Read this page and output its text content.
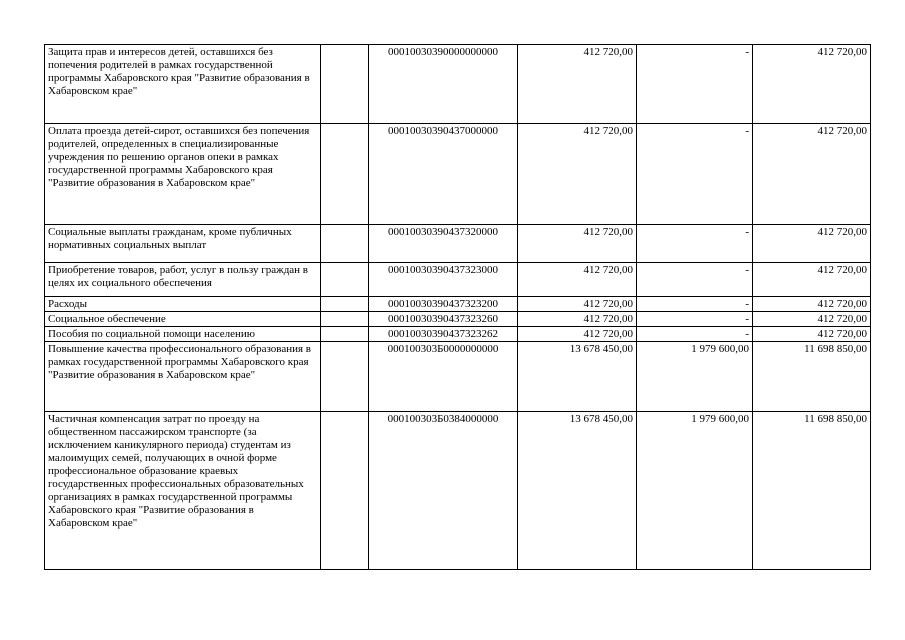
Защита прав и интересов детей, оставшихся без попечения родителей в рамках государственной программы Хабаровского края "Развитие образования в Хабаровском крае"		00010030390000000000	412 720,00	-	412 720,00
Оплата проезда детей-сирот, оставшихся без попечения родителей, определенных в специализированные учреждения по решению органов опеки в рамках государственной программы Хабаровского края "Развитие образования в Хабаровском крае"		00010030390437000000	412 720,00	-	412 720,00
Социальные выплаты гражданам, кроме публичных нормативных социальных выплат		00010030390437320000	412 720,00	-	412 720,00
Приобретение товаров, работ, услуг в пользу граждан в целях их социального обеспечения		00010030390437323000	412 720,00	-	412 720,00
Расходы		00010030390437323200	412 720,00	-	412 720,00
Социальное обеспечение		00010030390437323260	412 720,00	-	412 720,00
Пособия по социальной помощи населению		00010030390437323262	412 720,00	-	412 720,00
Повышение качества профессионального образования в рамках государственной программы Хабаровского края "Развитие образования в Хабаровском крае"		000100303Б0000000000	13 678 450,00	1 979 600,00	11 698 850,00
Частичная компенсация затрат по проезду на общественном пассажирском транспорте (за исключением каникулярного периода) студентам из малоимущих семей, получающих в очной форме профессиональное образование краевых государственных профессиональных образовательных организациях в рамках государственной программы Хабаровского края "Развитие образования в Хабаровском крае"		000100303Б0384000000	13 678 450,00	1 979 600,00	11 698 850,00
